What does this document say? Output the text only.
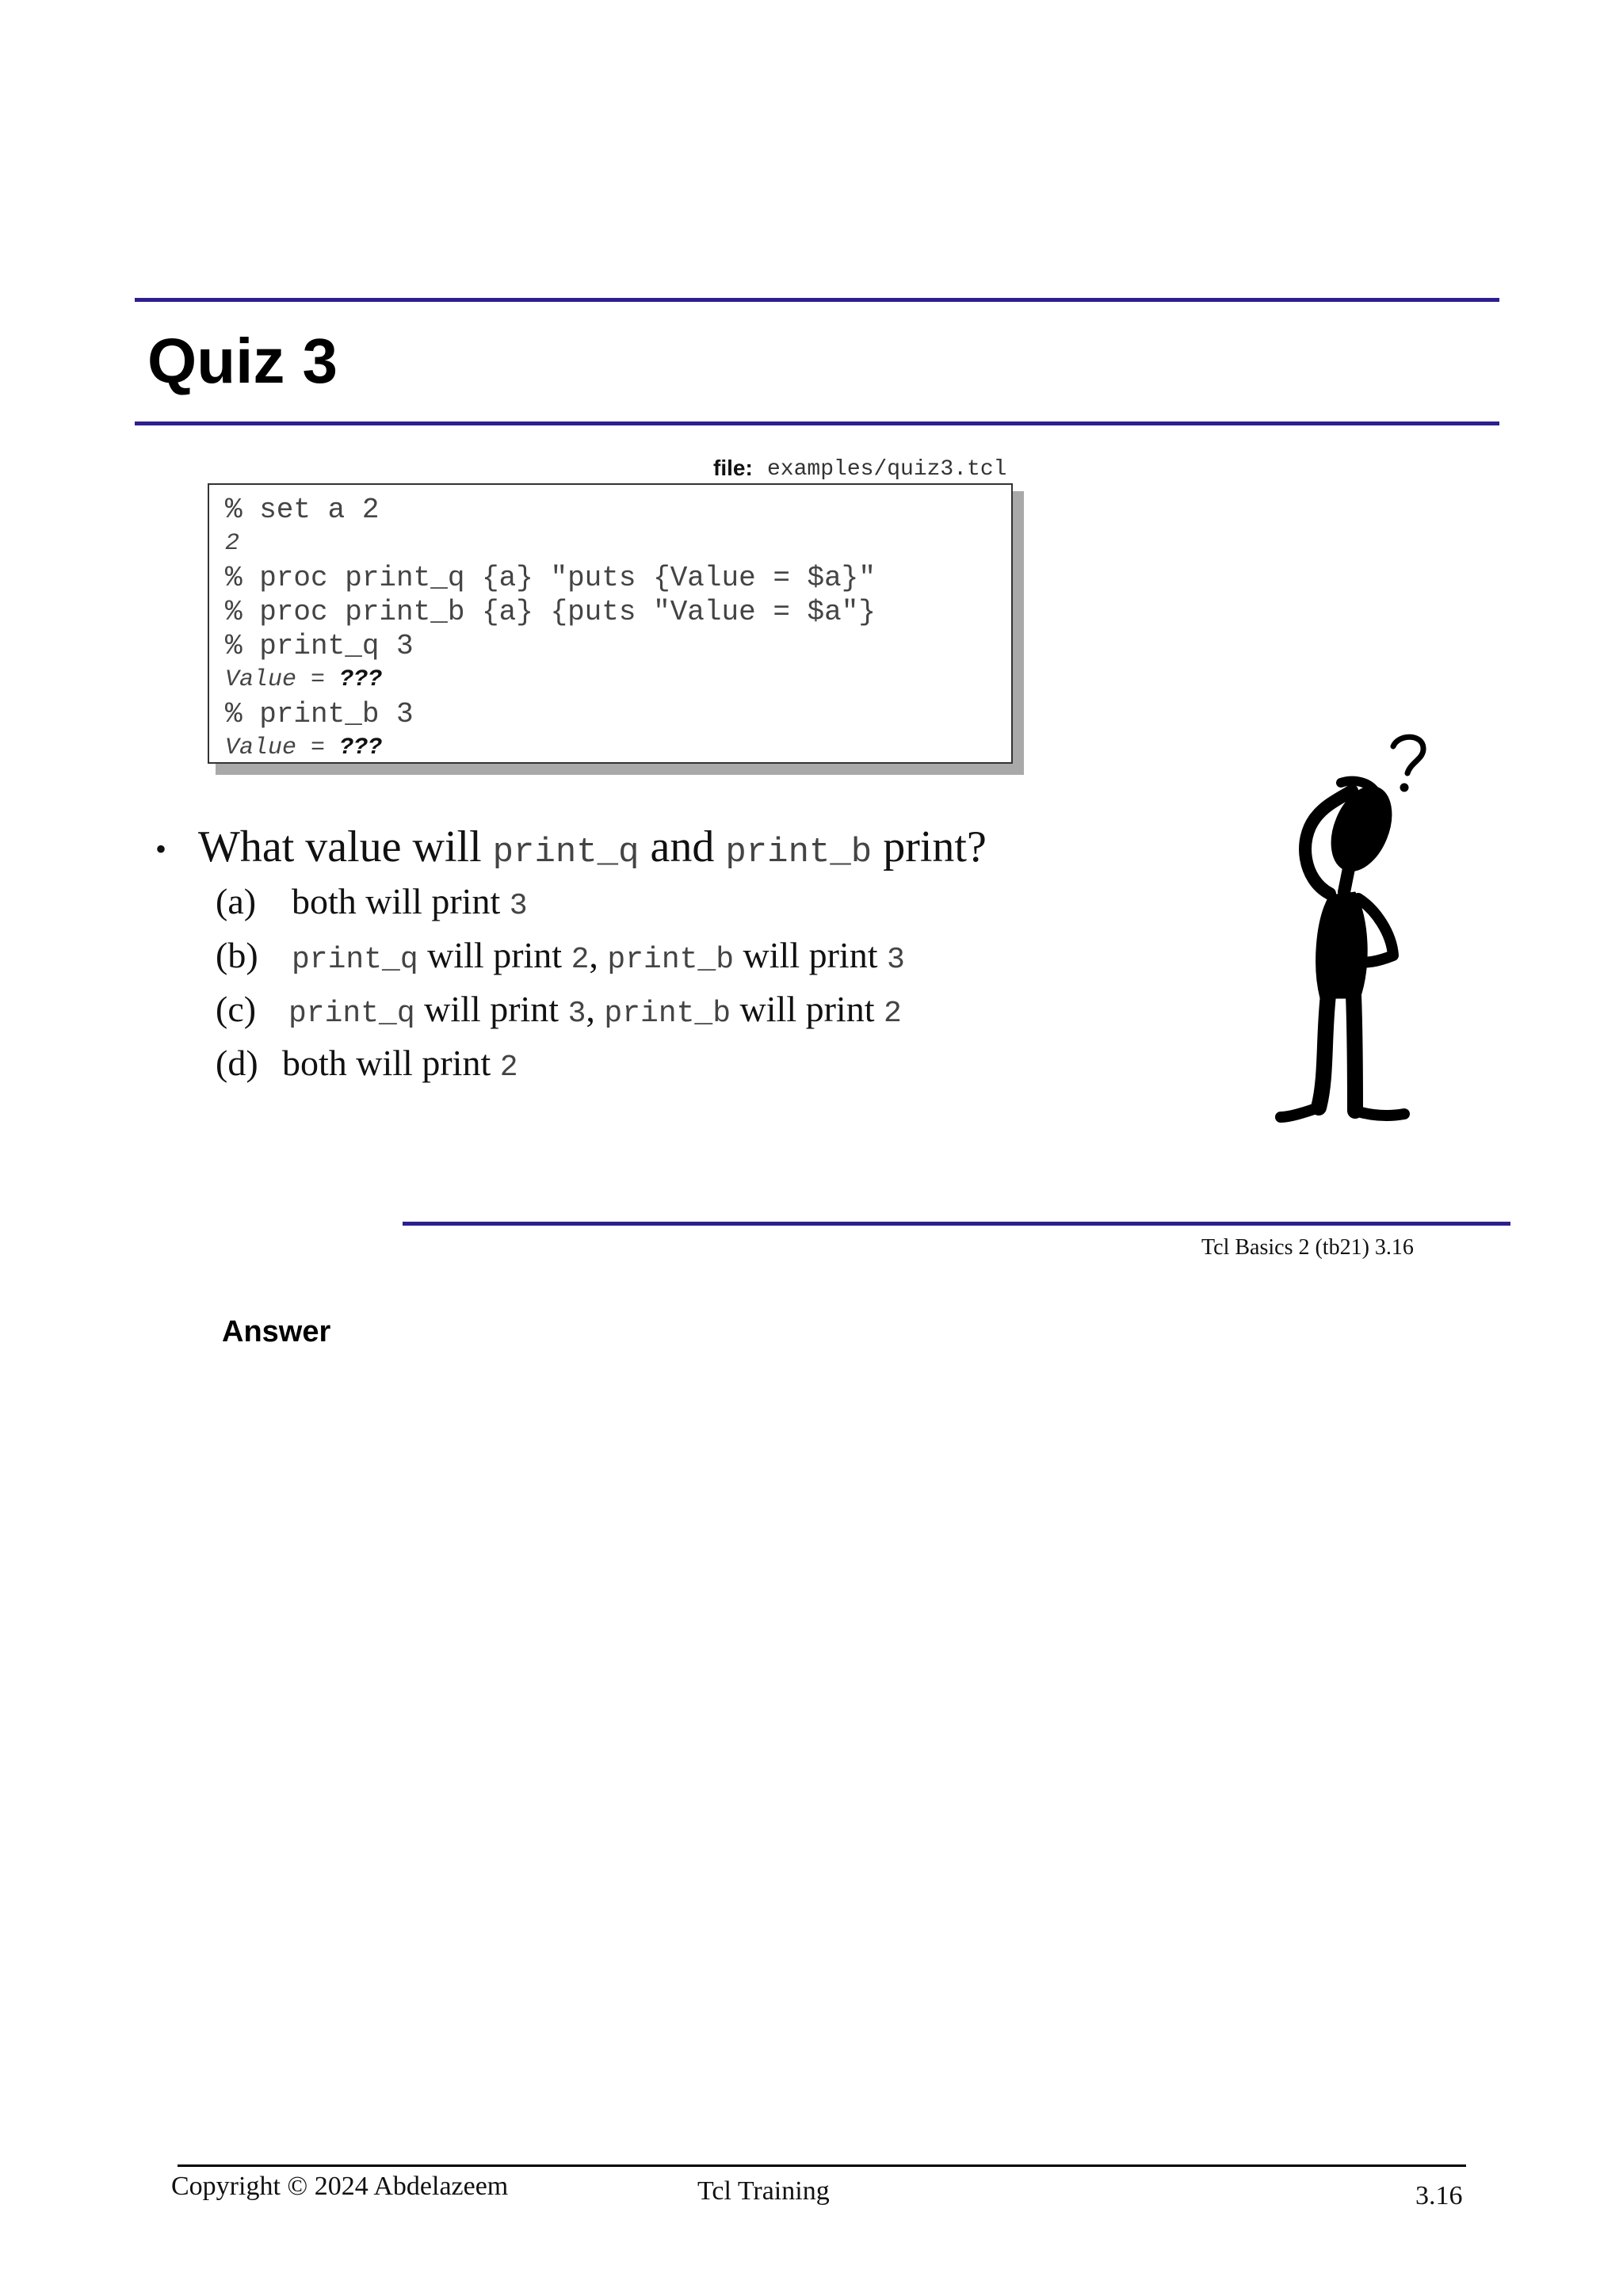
Quiz 3
file: examples/quiz3.tcl
% set a 2
2
% proc print_q {a} "puts {Value = $a}"
% proc print_b {a} {puts "Value = $a"}
% print_q 3
Value = ???
% print_b 3
Value = ???
• What value will print_q and print_b print?
(a) both will print 3
(b) print_q will print 2, print_b will print 3
(c) print_q will print 3, print_b will print 2
(d) both will print 2
Tcl Basics 2 (tb21) 3.16
Answer
Copyright © 2024 Abdelazeem	Tcl Training	3.16
